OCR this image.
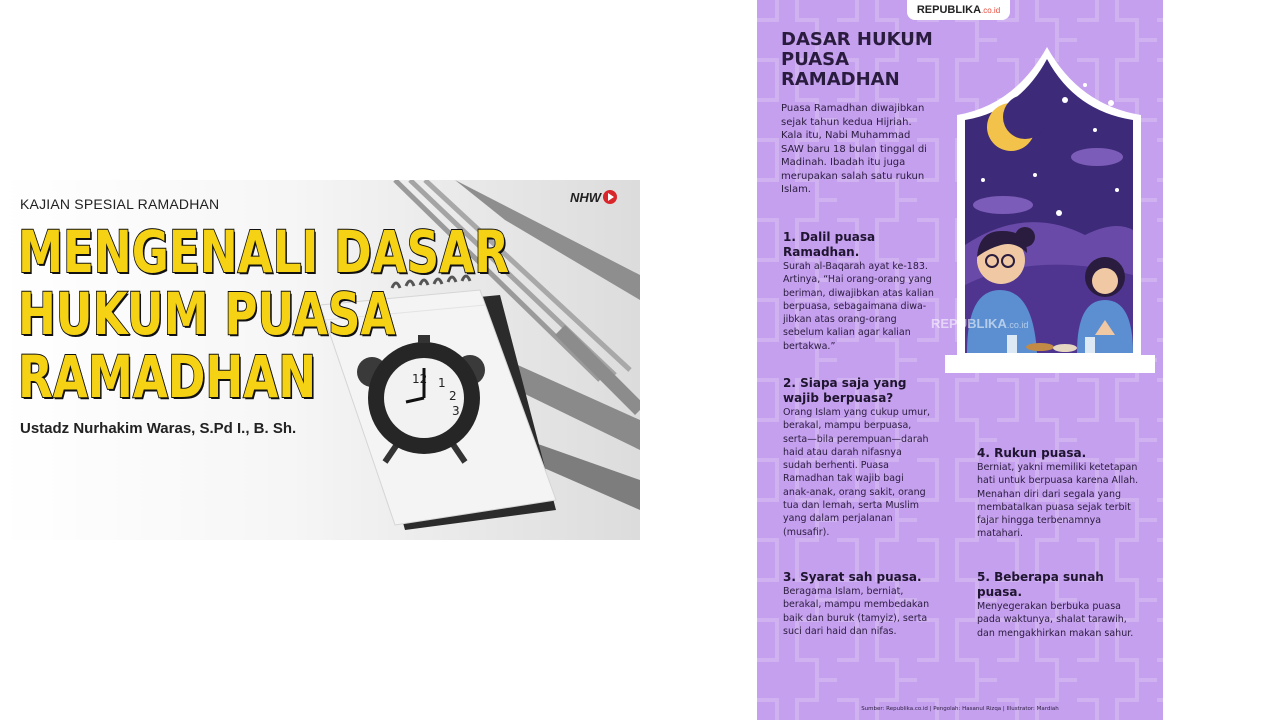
12 1
2
3
KAJIAN SPESIAL RAMADHAN	NHW
MENGENALI DASAR
HUKUM PUASA
RAMADHAN
Ustadz Nurhakim Waras, S.Pd I., B. Sh.
REPUBLIKA.co.id
DASAR HUKUM PUASA RAMADHAN
Puasa Ramadhan diwajibkan sejak tahun kedua Hijriah. Kala itu, Nabi Muhammad SAW baru 18 bulan tinggal di Madinah. Ibadah itu juga merupakan salah satu rukun Islam.
REPUBLIKA.co.id
1. Dalil puasa Ramadhan.
Surah al-Baqarah ayat ke-183. Artinya, “Hai orang-orang yang beriman, diwajibkan atas kalian berpuasa, sebagaimana diwa-jibkan atas orang-orang sebelum kalian agar kalian bertakwa.”
2. Siapa saja yang wajib berpuasa?
Orang Islam yang cukup umur, berakal, mampu berpuasa, serta—bila perempuan—darah haid atau darah nifasnya sudah berhenti. Puasa Ramadhan tak wajib bagi anak-anak, orang sakit, orang tua dan lemah, serta Muslim yang dalam perjalanan (musafir).
3. Syarat sah puasa.
Beragama Islam, berniat, berakal, mampu membedakan baik dan buruk (tamyiz), serta suci dari haid dan nifas.
4. Rukun puasa.
Berniat, yakni memiliki ketetapan hati untuk berpuasa karena Allah. Menahan diri dari segala yang membatalkan puasa sejak terbit fajar hingga terbenamnya matahari.
5. Beberapa sunah puasa.
Menyegerakan berbuka puasa pada waktunya, shalat tarawih, dan mengakhirkan makan sahur.
Sumber: Republika.co.id | Pengolah: Hasanul Rizqa | Illustrator: Mardiah
